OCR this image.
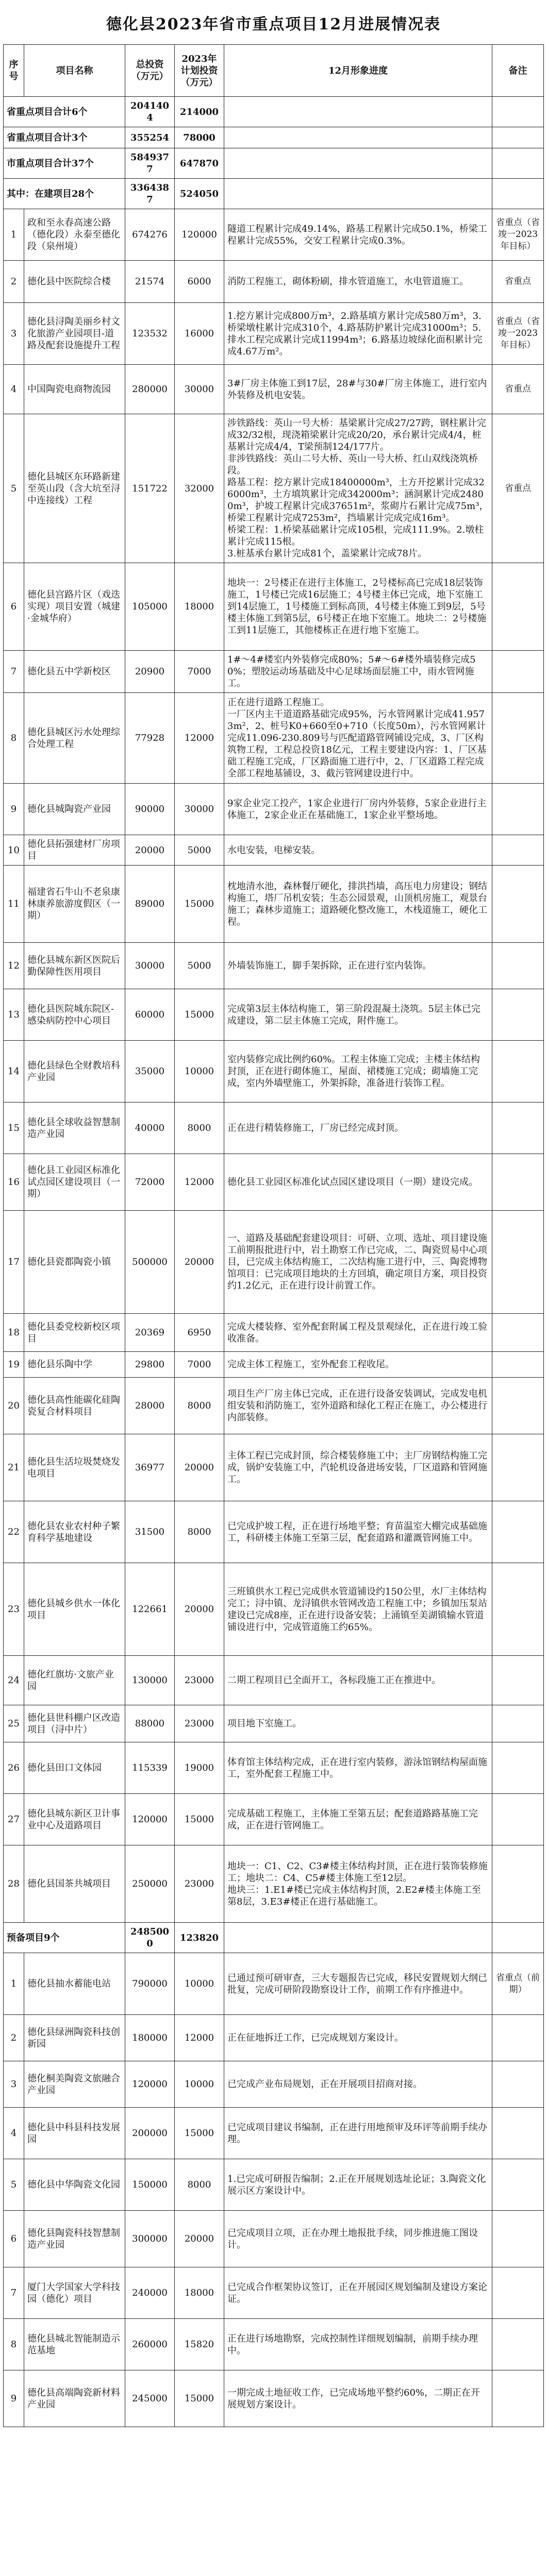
德化县2023年省市重点项目12月进展情况表
序号	项目名称	总投资（万元）	2023年计划投资（万元）	12月形象进度	备注
省重点项目合计6个		2041404	214000		
省重点项目合计3个		355254	78000		
市重点项目合计37个		5849377	647870		
其中：在建项目28个		3364387	524050		
1	政和至永春高速公路（德化段）永泰至德化段（泉州境）	674276	120000	隧道工程累计完成49.14%，路基工程累计完成50.1%，桥梁工程累计完成55%，交安工程累计完成0.3%。	省重点（省竣一2023年目标）
2	德化县中医院综合楼	21574	6000	消防工程施工，砌体粉刷，排水管道施工，水电管道施工。	省重点
3	德化县浔陶美丽乡村文化旅游产业园项目-道路及配套设施提升工程	123532	16000	1.挖方累计完成800万m³，2.路基填方累计完成580万m³，3.桥梁墩柱累计完成310个，4.路基防护累计完成31000m³；5.排水工程完成累计完成11994m³；6.路基边坡绿化面积累计完成4.67万m²。	省重点（省竣一2023年目标）
4	中国陶瓷电商物流园	280000	30000	3#厂房主体施工到17层，28#与30#厂房主体施工，进行室内外装修及机电安装。	省重点
5	德化县城区东环路新建至英山段（含大坑至浔中连接线）工程	151722	32000	涉铁路线：英山一号大桥：基梁累计完成27/27跨，钢柱累计完成32/32根，现浇箱梁累计完成20/20，承台累计完成4/4，桩基累计完成4/4，T梁预制124/177片。
非涉铁路线：英山二号大桥、英山一号大桥、红山双线浇筑桥段。
路基工程：挖方累计完成18400000m³，土方开挖累计完成326000m³，土方填筑累计完成342000m³；涵洞累计完成24800m³，护坡工程累计完成37651m²，浆砌片石累计完成75m³，桥梁工程累计完成7253m²，挡墙累计完成完成16m³。
桥梁工程：1.桥梁基础累计完成105根，完成111.9%。2.墩柱累计完成115根。
3.桩基承台累计完成81个，盖梁累计完成78片。	省重点
6	德化县宫路片区（戏迭实现）项目安置（城建·金城华府）	105000	18000	地块一：2号楼正在进行主体施工，2号楼标高已完成18层装饰施工，1号楼已完成16层施工；4号楼主体已完成，地下室施工到14层施工，1号楼施工到标高顶，4号楼主体施工到9层，5号楼主体施工到第5层，6号楼正在地下室施工。地块二：2号楼施工到11层施工，其他楼栋正在进行地下室施工。	
7	德化县五中学新校区	20900	7000	1#～4#楼室内外装修完成80%；5#～6#楼外墙装修完成50%；塑胶运动场基础及中心足球场面层施工中，雨水管网施工。	
8	德化县城区污水处理综合处理工程	77928	12000	正在进行道路工程施工。
一厂区内主干道道路基础完成95%，污水管网累计完成41.9573m²，2、桩号K0+660至0+710（长度50m），污水管网累计完成11.096-230.809号与匹配道路管网铺设完成，3、厂区构筑物工程，工程总投资18亿元，工程主要建设内容：1、厂区基础工程施工完成，厂区路面施工进行中，2、厂区道路工程完成全部工程地基铺设，3、截污管网建设进行中。	
9	德化县城陶瓷产业园	90000	30000	9家企业完工投产，1家企业进行厂房内外装修，5家企业进行主体施工，2家企业正在基础施工，1家企业平整场地。	
10	德化县拓强建材厂房项目	20000	5000	水电安装，电梯安装。	
11	福建省石牛山不老泉康林康养旅游度假区（一期）	89000	15000	枕地清水池，森林餐厅硬化，排洪挡墙，高压电力房建设；钢结构施工，塔厂吊机安装；生态公园景观，山顶机房施工，观景台施工；森林步道施工；道路硬化整改施工，木栈道施工，硬化工程。	
12	德化县城东新区医院后勤保障性医用项目	30000	5000	外墙装饰施工，脚手架拆除，正在进行室内装饰。	
13	德化县医院城东院区-感染病防控中心项目	60000	15000	完成第3层主体结构施工，第三阶段混凝土浇筑。5层主体已完成建设，第二层主体施工完成，附件施工。	
14	德化县绿色全财教培科产业园	35000	10000	室内装修完成比例约60%。工程主体施工完成；主楼主体结构封顶，正在进行砌体施工，屋面、裙楼施工完成；砌墙施工完成，室内外墙壁施工，外架拆除，准备进行装饰工程。	
15	德化县全球收益智慧制造产业园	40000	8000	正在进行精装修施工，厂房已经完成封顶。	
16	德化县工业园区标准化试点园区建设项目（一期）	72000	12000	德化县工业园区标准化试点园区建设项目（一期）建设完成。	
17	德化县瓷都陶瓷小镇	500000	20000	一、道路及基础配套建设项目：可研、立项、选址、项目建设施工前期报批进行中，岩土勘察工作已完成，二、陶瓷贸易中心项目，已完成主体结构施工，二次结构施工进行中，三、陶瓷博物馆项目：已完成项目地块的土方回填，确定项目方案，项目投资约1.2亿元，正在进行设计前置工作。	
18	德化县委党校新校区项目	20369	6950	完成大楼装修、室外配套附属工程及景观绿化，正在进行竣工验收准备。	
19	德化县乐陶中学	29800	7000	完成主体工程施工，室外配套工程收尾。	
20	德化县高性能碳化硅陶瓷复合材料项目	28000	8000	项目生产厂房主体已完成，正在进行设备安装调试，完成发电机组安装和消防施工，室外道路和绿化工程正在施工，办公楼进行内部装修。	
21	德化县生活垃圾焚烧发电项目	36977	20000	主体工程已完成封顶，综合楼装修施工中；主厂房钢结构施工完成，锅炉安装施工中，汽轮机设备进场安装，厂区道路和管网施工。	
22	德化县农业农村种子繁育科学基地建设	31500	8000	已完成护坡工程，正在进行场地平整；育苗温室大棚完成基础施工，科研楼主体施工至第三层，配套道路和灌溉管网施工中。	
23	德化县城乡供水一体化项目	122661	20000	三班镇供水工程已完成供水管道铺设约150公里，水厂主体结构完工；浔中镇、龙浔镇供水管网改造工程施工中；乡镇加压泵站建设已完成8座，正在进行设备安装；上涌镇至美湖镇输水管道铺设进行中，完成管道施工约65%。	
24	德化红旗坊·文旅产业园	130000	23000	二期工程项目已全面开工，各标段施工正在推进中。	
25	德化县世科棚户区改造项目（浔中片）	88000	23000	项目地下室施工。	
26	德化县田口文体园	115339	19000	体育馆主体结构完成，正在进行室内装修，游泳馆钢结构屋面施工，室外配套工程施工中。	
27	德化县城东新区卫计事业中心及道路项目	120000	15000	完成基础工程施工，主体施工至第五层；配套道路路基施工完成，正在进行管网施工。	
28	德化县国茶共城项目	250000	23000	地块一：C1、C2、C3#楼主体结构封顶，正在进行装饰装修施工；地块二：C4、C5#楼主体施工至12层。
地块三：1.E1#楼已完成主体结构封顶，2.E2#楼主体施工至第8层，3.E3#楼正在进行基础施工。	
预备项目9个		2485000	123820		
1	德化县抽水蓄能电站	790000	10000	已通过预可研审查，三大专题报告已完成，移民安置规划大纲已批复，完成可研阶段勘察设计工作，前期工作有序推进中。	省重点（前期）
2	德化县绿洲陶瓷科技创新园	180000	12000	正在征地拆迁工作，已完成规划方案设计。	
3	德化桐美陶瓷文旅融合产业园	120000	10000	已完成产业布局规划，正在开展项目招商对接。	
4	德化县中科县科技发展园	200000	15000	已完成项目建议书编制，正在进行用地预审及环评等前期手续办理。	
5	德化县中华陶瓷文化园	150000	8000	1.已完成可研报告编制；2.正在开展规划选址论证；3.陶瓷文化展示区方案设计中。	
6	德化县陶瓷科技智慧制造产业园	300000	20000	已完成项目立项，正在办理土地报批手续，同步推进施工图设计。	
7	厦门大学国家大学科技园（德化）项目	240000	18000	已完成合作框架协议签订，正在开展园区规划编制及建设方案论证。	
8	德化县城北智能制造示范基地	260000	15820	正在进行场地勘察，完成控制性详细规划编制，前期手续办理中。	
9	德化县高端陶瓷新材料产业园	245000	15000	一期完成土地征收工作，已完成场地平整约60%，二期正在开展规划方案设计。	
